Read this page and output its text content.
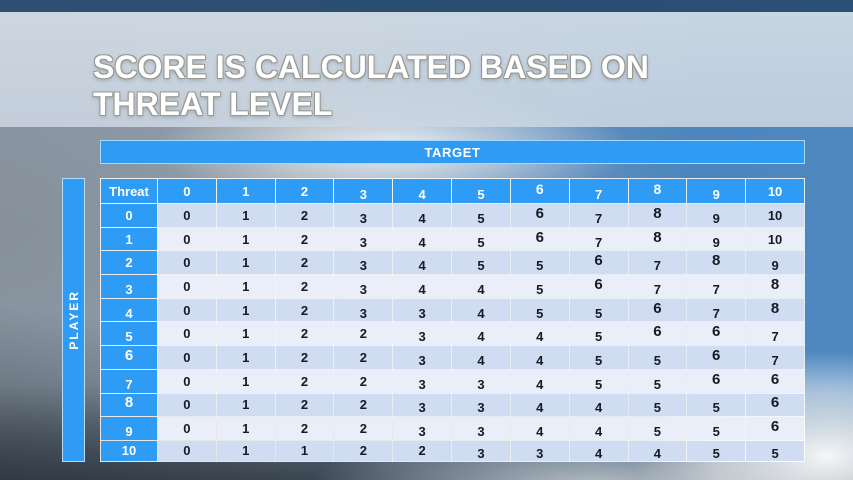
SCORE IS CALCULATED BASED ON
THREAT LEVEL
TARGET
PLAYER
Threat	0	1	2	3	4	5	6	7	8	9	10
0	0	1	2	3	4	5	6	7	8	9	10
1	0	1	2	3	4	5	6	7	8	9	10
2	0	1	2	3	4	5	5	6	7	8	9
3	0	1	2	3	4	4	5	6	7	7	8
4	0	1	2	3	3	4	5	5	6	7	8
5	0	1	2	2	3	4	4	5	6	6	7
6	0	1	2	2	3	4	4	5	5	6	7
7	0	1	2	2	3	3	4	5	5	6	6
8	0	1	2	2	3	3	4	4	5	5	6
9	0	1	2	2	3	3	4	4	5	5	6
10	0	1	1	2	2	3	3	4	4	5	5
